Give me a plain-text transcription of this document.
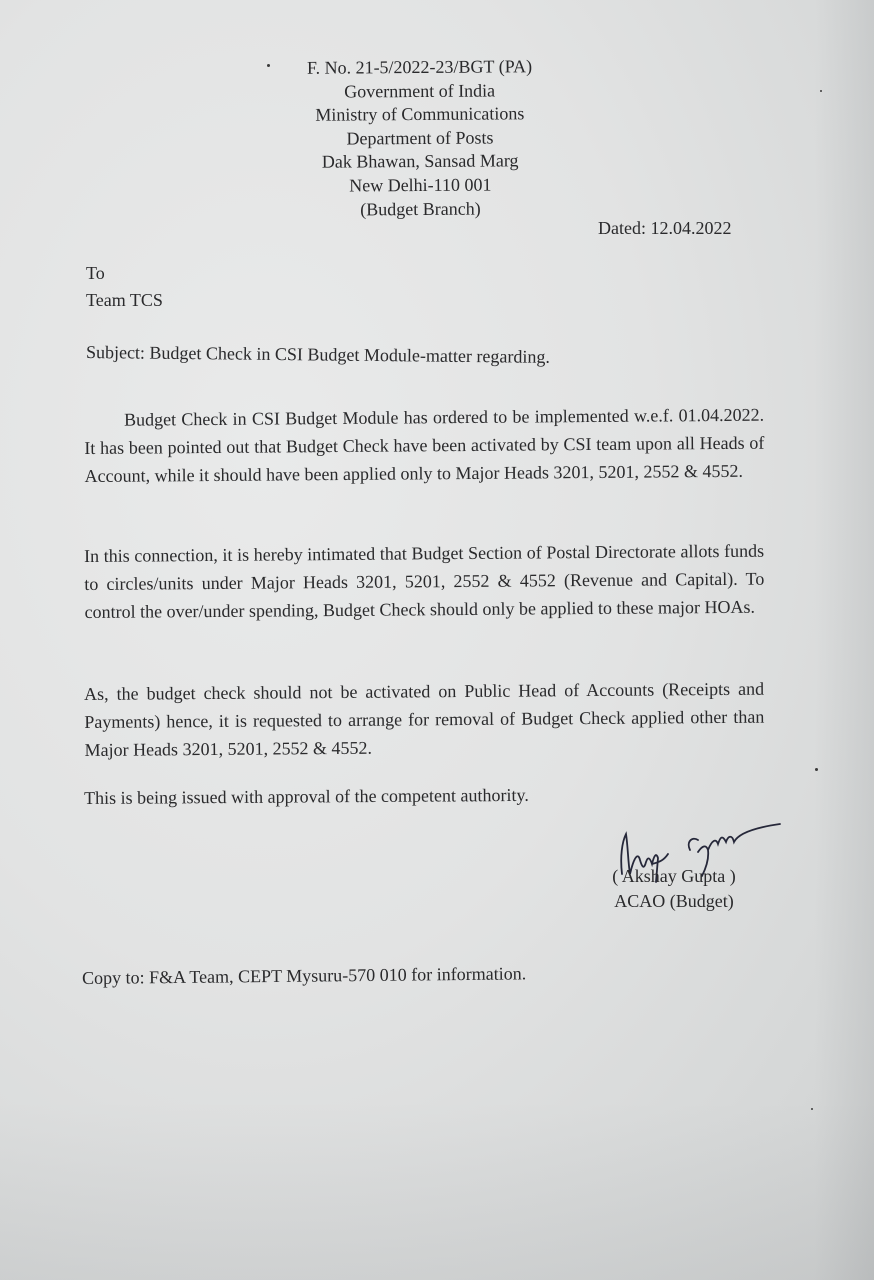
F. No. 21-5/2022-23/BGT (PA)
Government of India
Ministry of Communications
Department of Posts
Dak Bhawan, Sansad Marg
New Delhi-110 001
(Budget Branch)
Dated: 12.04.2022
To
Team TCS
Subject: Budget Check in CSI Budget Module-matter regarding.
Budget Check in CSI Budget Module has ordered to be implemented w.e.f. 01.04.2022. It has been pointed out that Budget Check have been activated by CSI team upon all Heads of Account, while it should have been applied only to Major Heads 3201, 5201, 2552 & 4552.
In this connection, it is hereby intimated that Budget Section of Postal Directorate allots funds to circles/units under Major Heads 3201, 5201, 2552 & 4552 (Revenue and Capital). To control the over/under spending, Budget Check should only be applied to these major HOAs.
As, the budget check should not be activated on Public Head of Accounts (Receipts and Payments) hence, it is requested to arrange for removal of Budget Check applied other than Major Heads 3201, 5201, 2552 & 4552.
This is being issued with approval of the competent authority.
( Akshay Gupta )
ACAO (Budget)
Copy to: F&A Team, CEPT Mysuru-570 010 for information.
